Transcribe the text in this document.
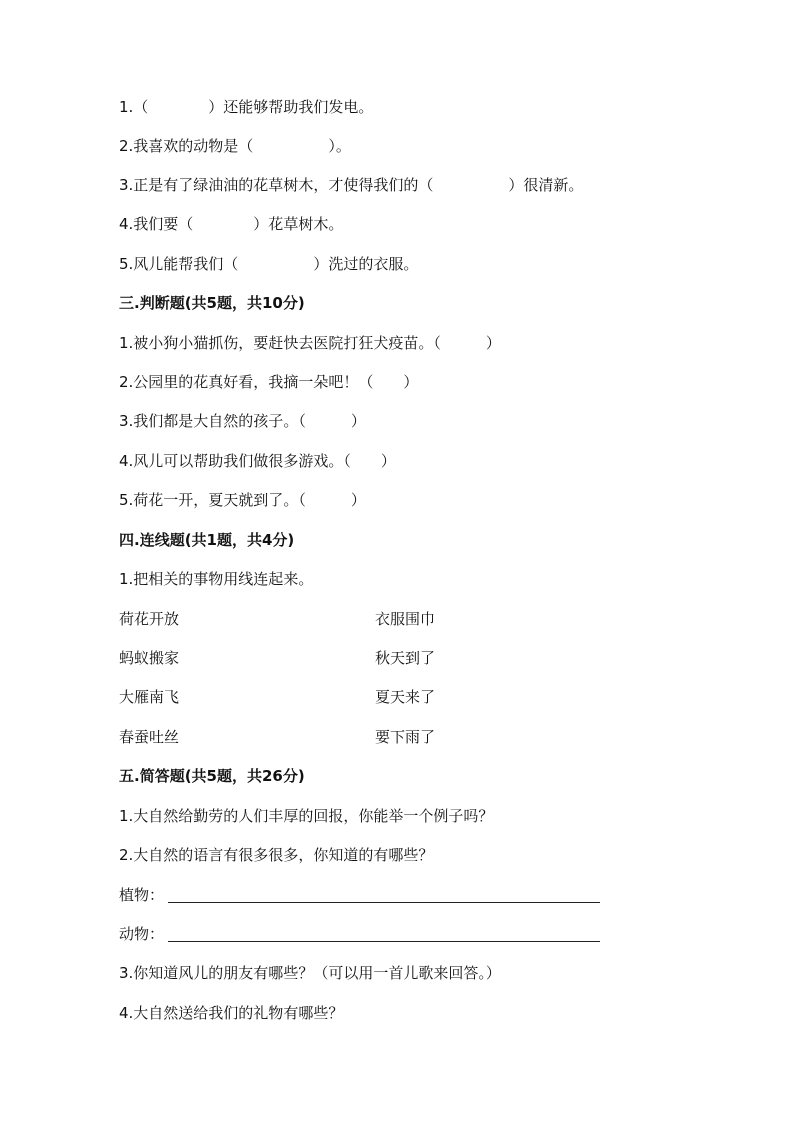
1.（　　　　）还能够帮助我们发电。
2.我喜欢的动物是（　　　　　）。
3.正是有了绿油油的花草树木，才使得我们的（　　　　　）很清新。
4.我们要（　　　　）花草树木。
5.风儿能帮我们（　　　　　）洗过的衣服。
三.判断题(共5题，共10分)
1.被小狗小猫抓伤，要赶快去医院打狂犬疫苗。（　　　）
2.公园里的花真好看，我摘一朵吧！（　　）
3.我们都是大自然的孩子。（　　　）
4.风儿可以帮助我们做很多游戏。（　　）
5.荷花一开，夏天就到了。（　　　）
四.连线题(共1题，共4分)
1.把相关的事物用线连起来。
荷花开放	衣服围巾
蚂蚁搬家	秋天到了
大雁南飞	夏天来了
春蚕吐丝	要下雨了
五.简答题(共5题，共26分)
1.大自然给勤劳的人们丰厚的回报，你能举一个例子吗？
2.大自然的语言有很多很多，你知道的有哪些？
植物：
动物：
3.你知道风儿的朋友有哪些？（可以用一首儿歌来回答。）
4.大自然送给我们的礼物有哪些？
